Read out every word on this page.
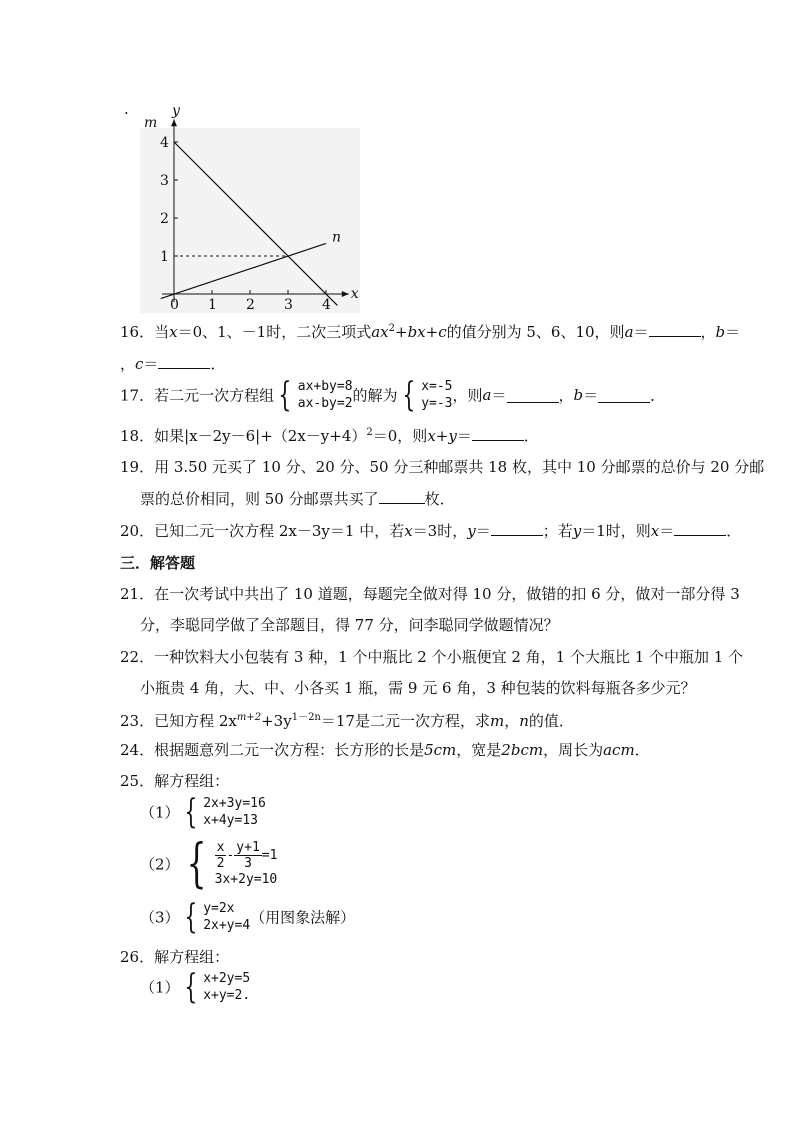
.
0 1 2 3 4
1
2
3
4
m
n
y
x
16．当x＝0、1、－1时，二次三项式$ax^2+bx+c$的值分别为 5、6、10，则a＝	，b＝
，c＝	．
17．若二元一次方程组 { ax+by=8
ax-by=2 的解为 { x=-5
y=-3 ，则a＝	，b＝	．
18．如果$|x-2y-6|+(2x-y+4)^2=0$，则x+y＝	．
19．用 3.50 元买了 10 分、20 分、50 分三种邮票共 18 枚，其中 10 分邮票的总价与 20 分邮
票的总价相同，则 50 分邮票共买了	枚．
20．已知二元一次方程 2x－3y＝1 中，若x＝3时，y＝	；若y＝1时，则x＝	．
三．解答题
21．在一次考试中共出了 10 道题，每题完全做对得 10 分，做错的扣 6 分，做对一部分得 3
分，李聪同学做了全部题目，得 77 分，问李聪同学做题情况？
22．一种饮料大小包装有 3 种，1 个中瓶比 2 个小瓶便宜 2 角，1 个大瓶比 1 个中瓶加 1 个
小瓶贵 4 角，大、中、小各买 1 瓶，需 9 元 6 角，3 种包装的饮料每瓶各多少元？
23．已知方程 $2x^{m+2}+3y^{1-2n}=17$是二元一次方程，求m，n的值．
24．根据题意列二元一次方程：长方形的长是5cm，宽是2bcm，周长为acm．
25．解方程组：
（1） { 2x+3y=16
x+4y=13
（2） { $\frac{x}{2} - \frac{y+1}{3} =1$
3x+2y=10
（3） { y=2x
2x+y=4 （用图象法解）
26．解方程组：
（1） { x+2y=5
x+y=2.
